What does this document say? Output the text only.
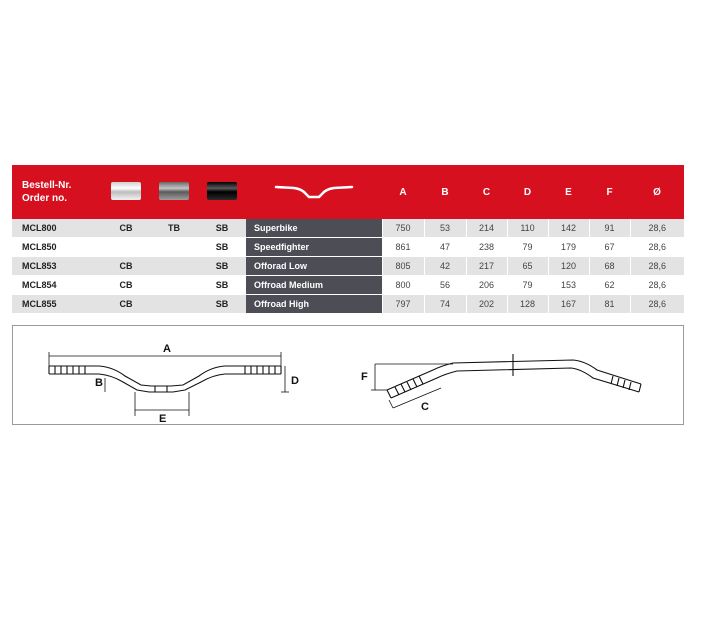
Bestell-Nr.
Order no.					A	B	C	D	E	F	Ø
MCL800	CB	TB	SB	Superbike	750	53	214	110	142	91	28,6
MCL850			SB	Speedfighter	861	47	238	79	179	67	28,6
MCL853	CB		SB	Offorad Low	805	42	217	65	120	68	28,6
MCL854	CB		SB	Offroad Medium	800	56	206	79	153	62	28,6
MCL855	CB		SB	Offroad High	797	74	202	128	167	81	28,6
A
B	D
E
F
C
